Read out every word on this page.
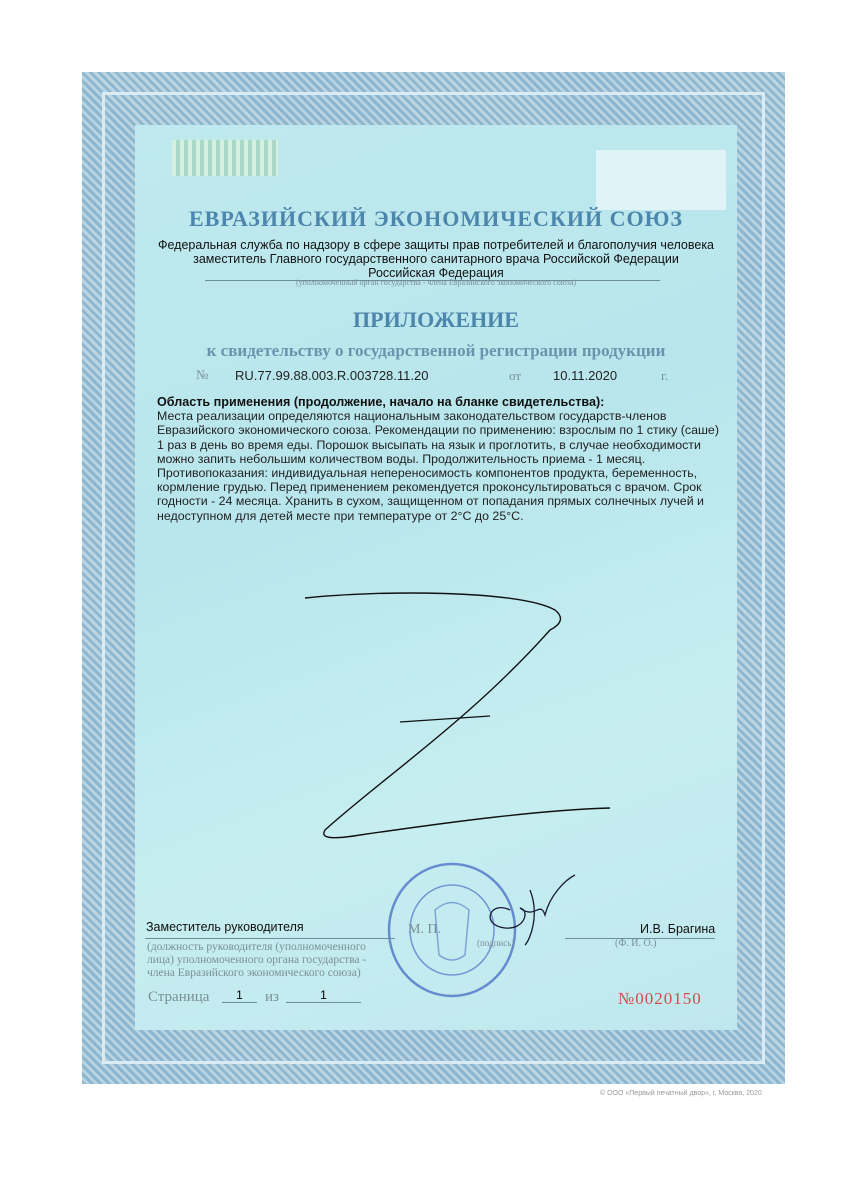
ЕВРАЗИЙСКИЙ ЭКОНОМИЧЕСКИЙ СОЮЗ
Федеральная служба по надзору в сфере защиты прав потребителей и благополучия человека
заместитель Главного государственного санитарного врача Российской Федерации
Российская Федерация
(уполномоченный орган государства - члена Евразийского экономического союза)
ПРИЛОЖЕНИЕ
к свидетельству о государственной регистрации продукции
№ RU.77.99.88.003.R.003728.11.20	от 10.11.2020	г.
Область применения (продолжение, начало на бланке свидетельства):
Места реализации определяются национальным законодательством государств-членов
Евразийского экономического союза. Рекомендации по применению: взрослым по 1 стику (саше)
1 раз в день во время еды. Порошок высыпать на язык и проглотить, в случае необходимости
можно запить небольшим количеством воды. Продолжительность приема - 1 месяц.
Противопоказания: индивидуальная непереносимость компонентов продукта, беременность,
кормление грудью. Перед применением рекомендуется проконсультироваться с врачом. Срок
годности - 24 месяца. Хранить в сухом, защищенном от попадания прямых солнечных лучей и
недоступном для детей месте при температуре от 2°C до 25°C.
Заместитель руководителя	М. П.
(подпись)
И.В. Брагина
(Ф. И. О.)
(должность руководителя (уполномоченного
лица) уполномоченного органа государства -
члена Евразийского экономического союза)
Страница	1	из	1	№0020150
© ООО «Первый печатный двор», г. Москва, 2020
